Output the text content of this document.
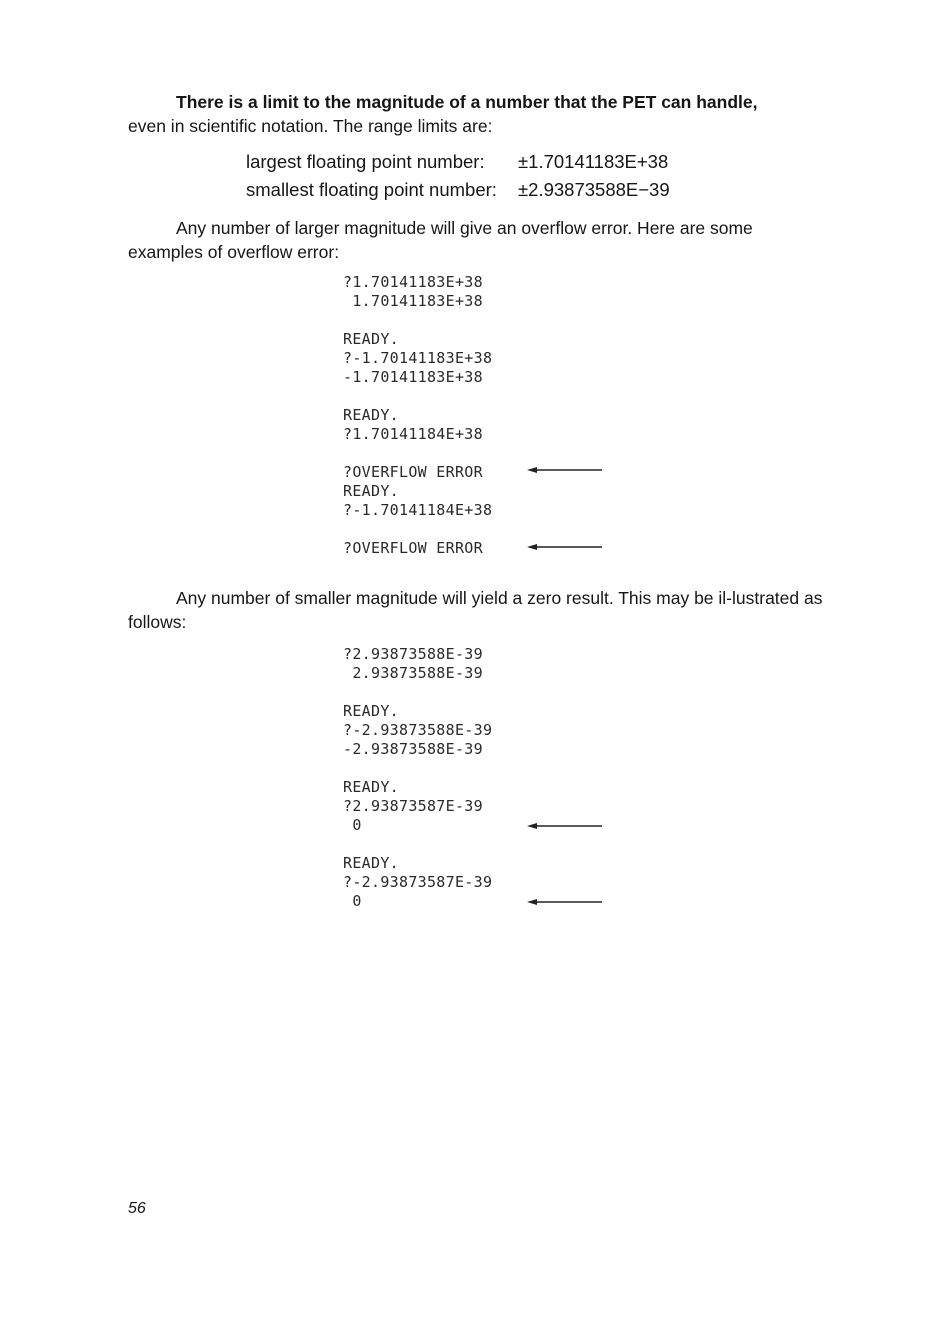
There is a limit to the magnitude of a number that the PET can handle,
even in scientific notation. The range limits are:
largest floating point number:	±1.70141183E+38
smallest floating point number:	±2.93873588E−39
Any number of larger magnitude will give an overflow error. Here are some examples of overflow error:
?1.70141183E+38
1.70141183E+38
READY.
?-1.70141183E+38
-1.70141183E+38
READY.
?1.70141184E+38
?OVERFLOW ERROR
READY.
?-1.70141184E+38
?OVERFLOW ERROR
Any number of smaller magnitude will yield a zero result. This may be il-lustrated as follows:
?2.93873588E-39
2.93873588E-39
READY.
?-2.93873588E-39
-2.93873588E-39
READY.
?2.93873587E-39
0
READY.
?-2.93873587E-39
0
56
